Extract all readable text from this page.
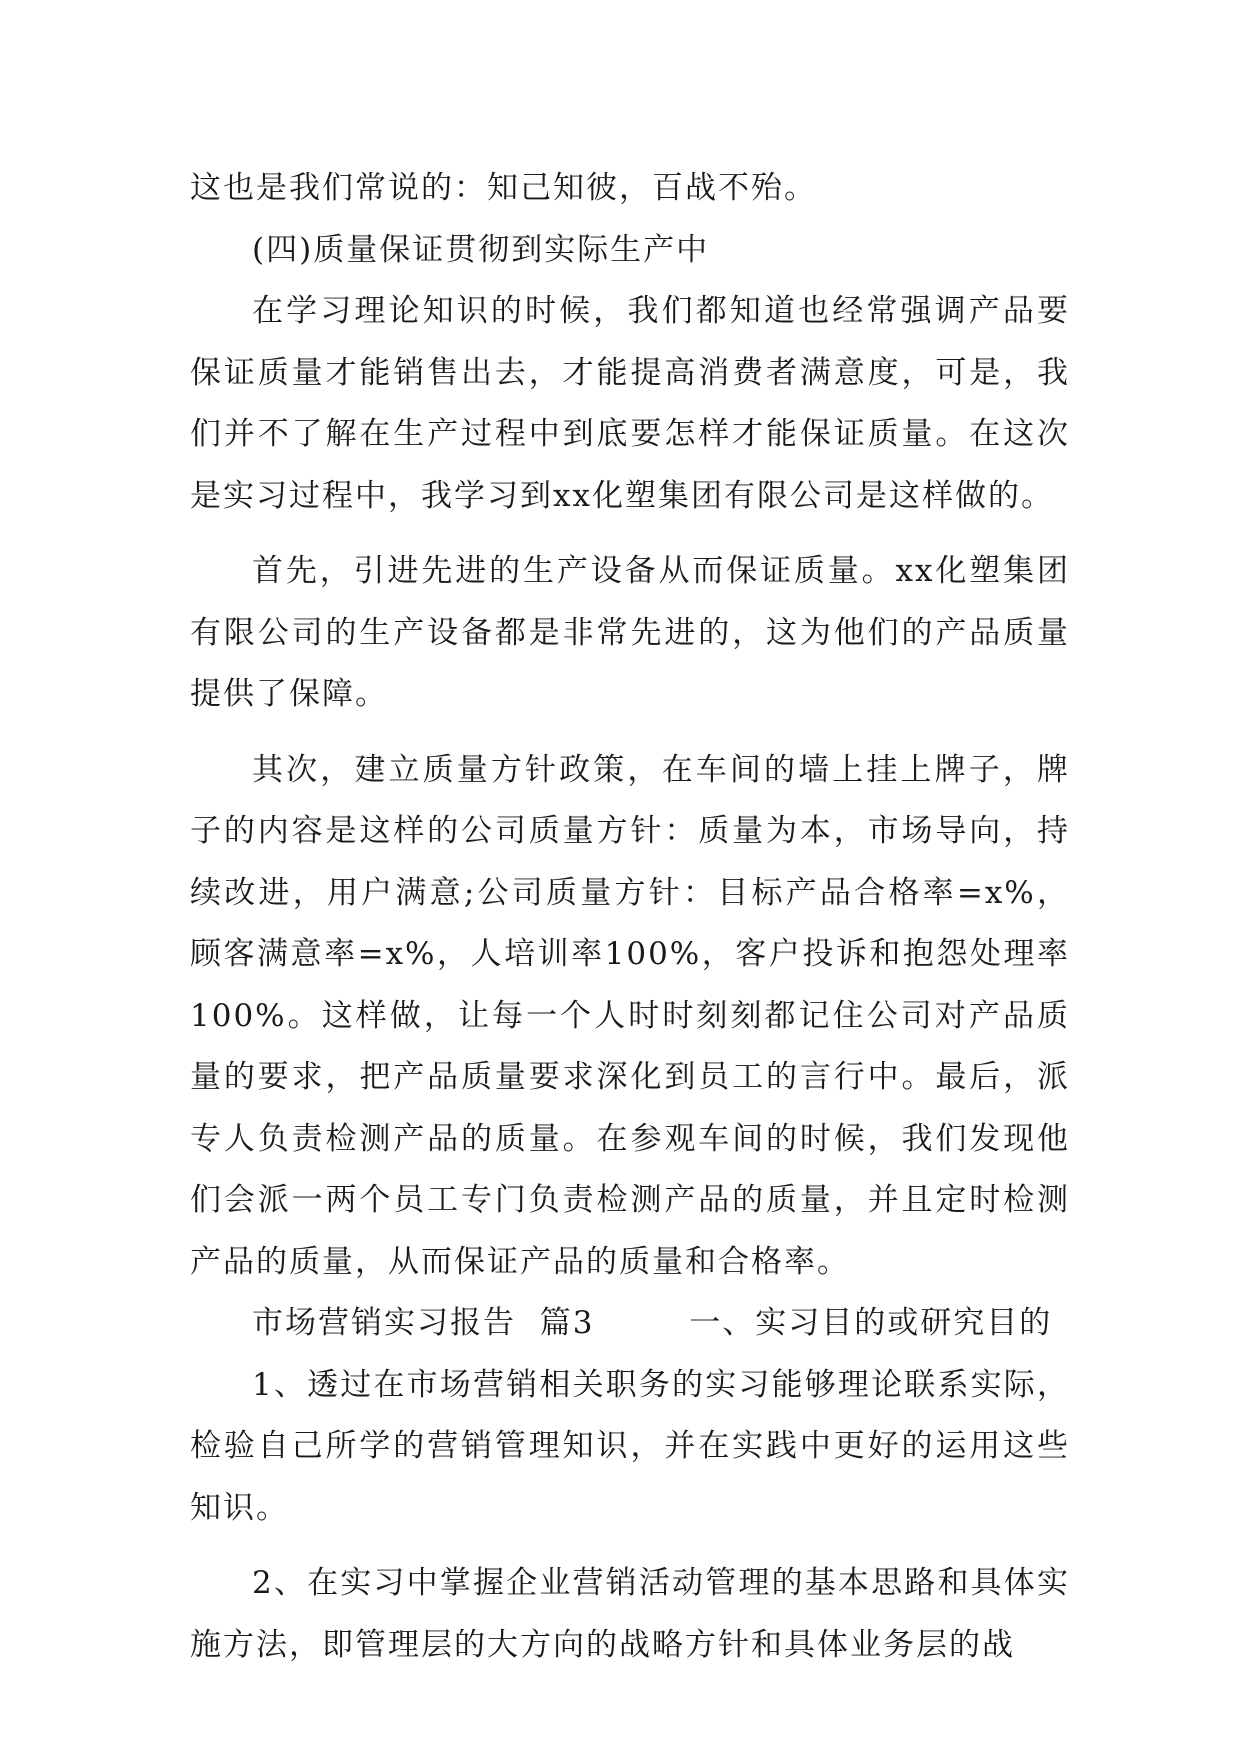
这也是我们常说的：知己知彼，百战不殆。

(四)质量保证贯彻到实际生产中

在学习理论知识的时候，我们都知道也经常强调产品要保证质量才能销售出去，才能提高消费者满意度，可是，我们并不了解在生产过程中到底要怎样才能保证质量。在这次是实习过程中，我学习到xx化塑集团有限公司是这样做的。

首先，引进先进的生产设备从而保证质量。xx化塑集团有限公司的生产设备都是非常先进的，这为他们的产品质量提供了保障。

其次，建立质量方针政策，在车间的墙上挂上牌子，牌子的内容是这样的公司质量方针：质量为本，市场导向，持续改进，用户满意;公司质量方针：目标产品合格率=x%，顾客满意率=x%，人培训率100%，客户投诉和抱怨处理率100%。这样做，让每一个人时时刻刻都记住公司对产品质量的要求，把产品质量要求深化到员工的言行中。最后，派专人负责检测产品的质量。在参观车间的时候，我们发现他们会派一两个员工专门负责检测产品的质量，并且定时检测产品的质量，从而保证产品的质量和合格率。

市场营销实习报告  篇3        一、实习目的或研究目的

1、透过在市场营销相关职务的实习能够理论联系实际，检验自己所学的营销管理知识，并在实践中更好的运用这些知识。

2、在实习中掌握企业营销活动管理的基本思路和具体实施方法，即管理层的大方向的战略方针和具体业务层的战
